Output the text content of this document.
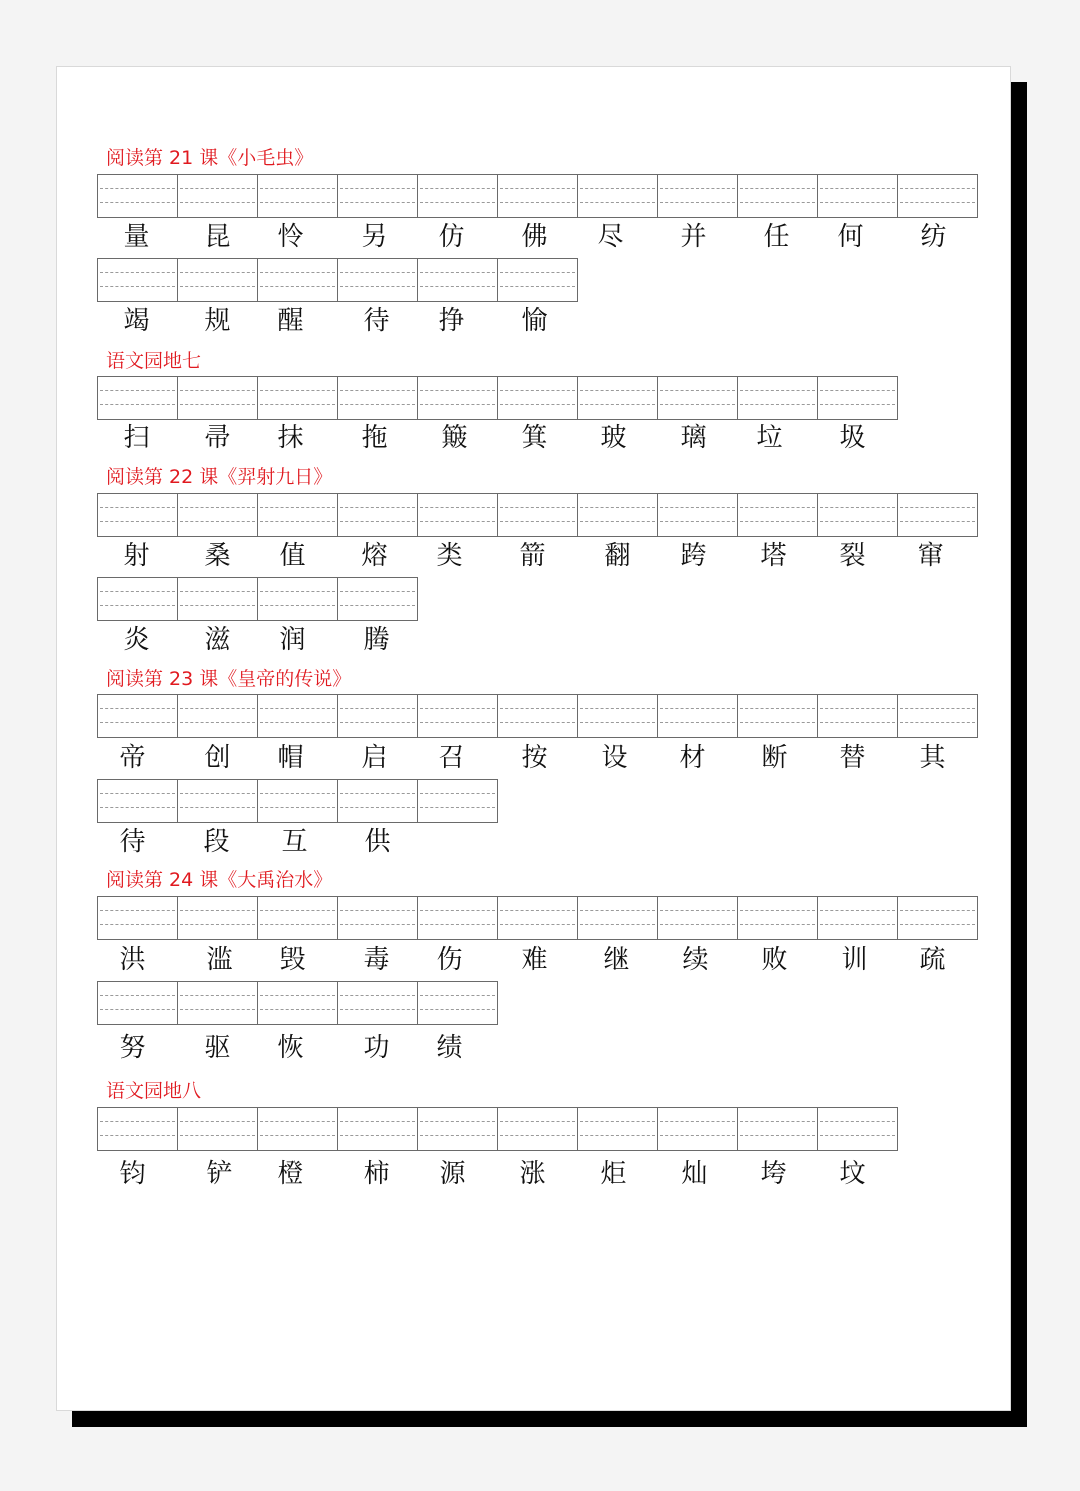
阅读第 21 课《小毛虫》
量	昆	怜	另	仿	佛	尽	并	任	何	纺
竭	规	醒	待	挣	愉
语文园地七
扫	帚	抹	拖	簸	箕	玻	璃	垃	圾
阅读第 22 课《羿射九日》
射	桑	值	熔	类	箭	翻	跨	塔	裂	窜
炎	滋	润	腾
阅读第 23 课《皇帝的传说》
帝	创	帽	启	召	按	设	材	断	替	其
待	段	互	供
阅读第 24 课《大禹治水》
洪	滥	毁	毒	伤	难	继	续	败	训	疏
努	驱	恢	功	绩
语文园地八
钧	铲	橙	柿	源	涨	炬	灿	垮	坟
